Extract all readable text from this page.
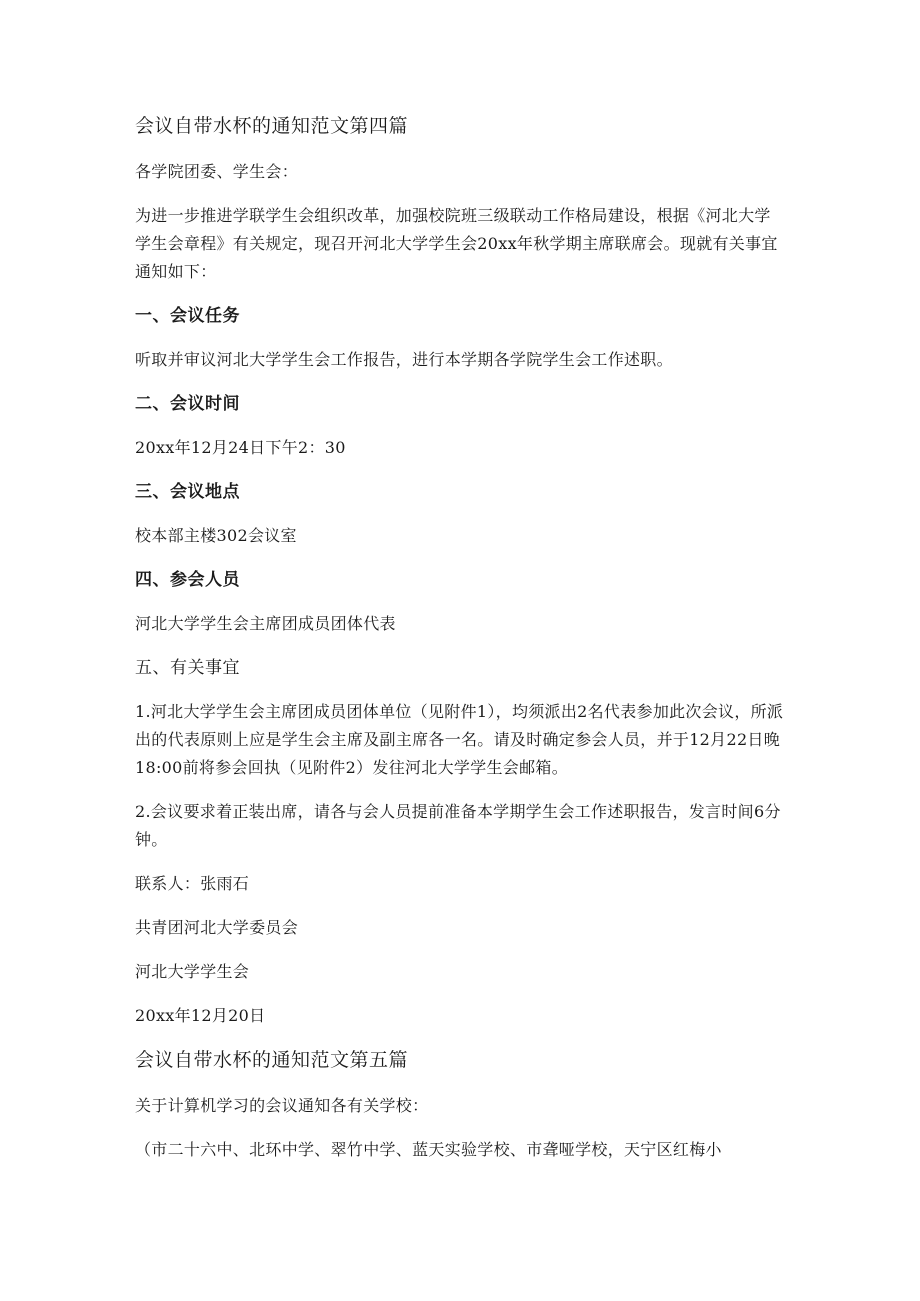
会议自带水杯的通知范文第四篇
各学院团委、学生会：
为进一步推进学联学生会组织改革，加强校院班三级联动工作格局建设，根据《河北大学学生会章程》有关规定，现召开河北大学学生会20xx年秋学期主席联席会。现就有关事宜通知如下：
一、会议任务
听取并审议河北大学学生会工作报告，进行本学期各学院学生会工作述职。
二、会议时间
20xx年12月24日下午2：30
三、会议地点
校本部主楼302会议室
四、参会人员
河北大学学生会主席团成员团体代表
五、有关事宜
1.河北大学学生会主席团成员团体单位（见附件1），均须派出2名代表参加此次会议，所派出的代表原则上应是学生会主席及副主席各一名。请及时确定参会人员，并于12月22日晚18:00前将参会回执（见附件2）发往河北大学学生会邮箱。
2.会议要求着正装出席，请各与会人员提前准备本学期学生会工作述职报告，发言时间6分钟。
联系人：张雨石
共青团河北大学委员会
河北大学学生会
20xx年12月20日
会议自带水杯的通知范文第五篇
关于计算机学习的会议通知各有关学校：
（市二十六中、北环中学、翠竹中学、蓝天实验学校、市聋哑学校，天宁区红梅小
